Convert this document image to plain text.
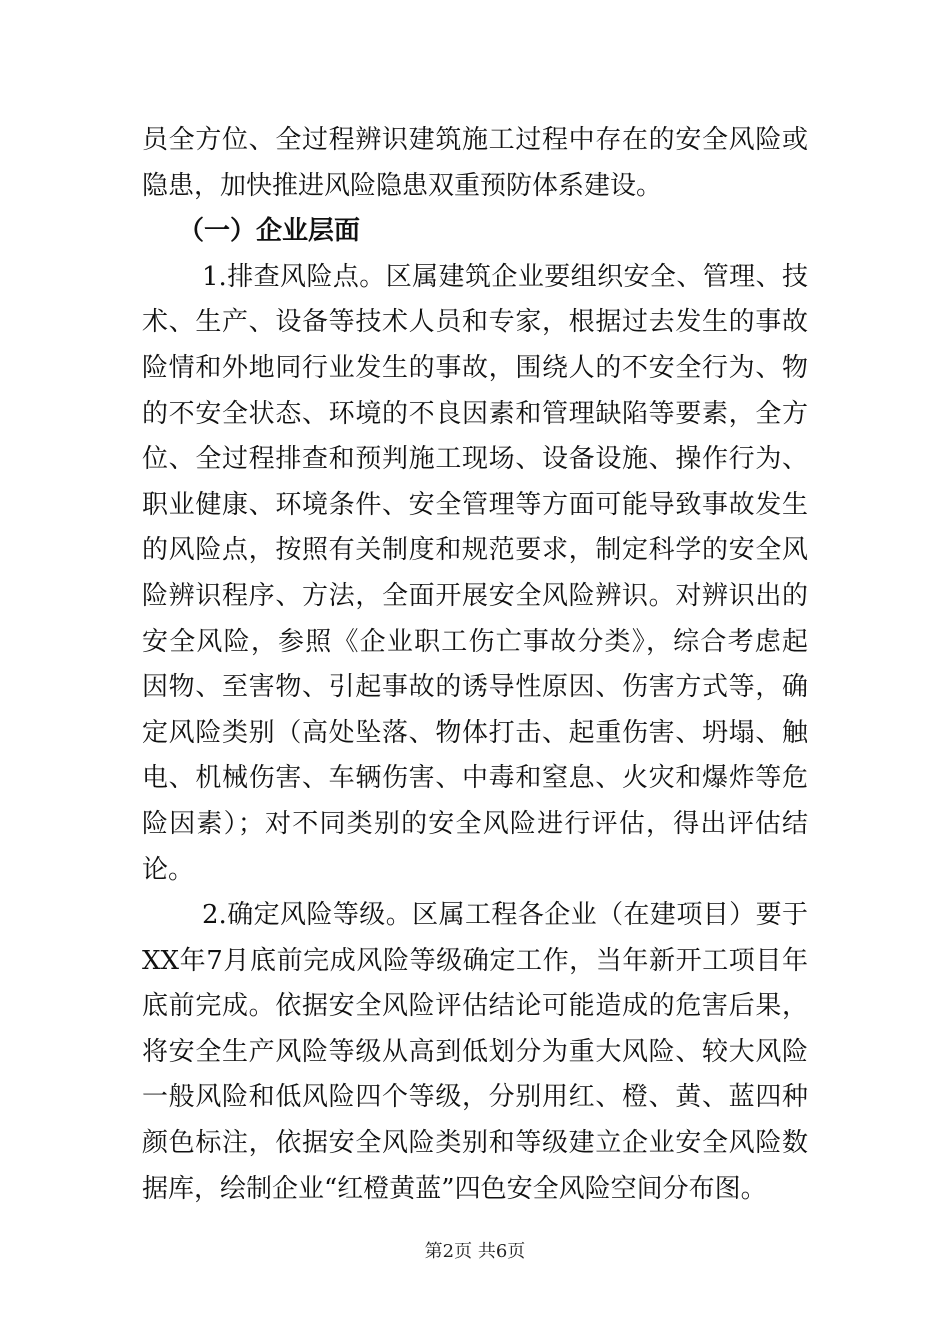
员全方位、全过程辨识建筑施工过程中存在的安全风险或
隐患，加快推进风险隐患双重预防体系建设。
（一）企业层面
1.排查风险点。区属建筑企业要组织安全、管理、技
术、生产、设备等技术人员和专家，根据过去发生的事故
险情和外地同行业发生的事故，围绕人的不安全行为、物
的不安全状态、环境的不良因素和管理缺陷等要素，全方
位、全过程排查和预判施工现场、设备设施、操作行为、
职业健康、环境条件、安全管理等方面可能导致事故发生
的风险点，按照有关制度和规范要求，制定科学的安全风
险辨识程序、方法，全面开展安全风险辨识。对辨识出的
安全风险，参照《企业职工伤亡事故分类》，综合考虑起
因物、至害物、引起事故的诱导性原因、伤害方式等，确
定风险类别（高处坠落、物体打击、起重伤害、坍塌、触
电、机械伤害、车辆伤害、中毒和窒息、火灾和爆炸等危
险因素）；对不同类别的安全风险进行评估，得出评估结
论。
2.确定风险等级。区属工程各企业（在建项目）要于
XX年7月底前完成风险等级确定工作，当年新开工项目年
底前完成。依据安全风险评估结论可能造成的危害后果，
将安全生产风险等级从高到低划分为重大风险、较大风险
一般风险和低风险四个等级，分别用红、橙、黄、蓝四种
颜色标注，依据安全风险类别和等级建立企业安全风险数
据库，绘制企业“红橙黄蓝”四色安全风险空间分布图。
第2页 共6页
